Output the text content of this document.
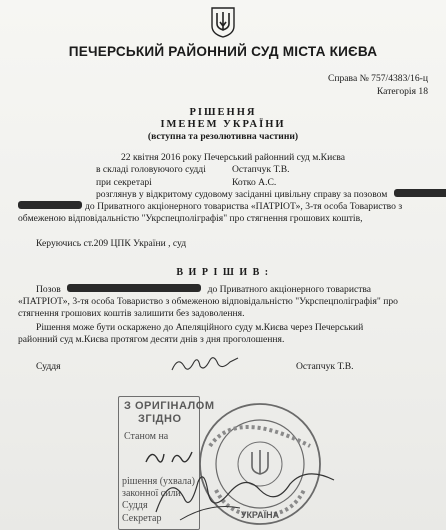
ПЕЧЕРСЬКИЙ РАЙОННИЙ СУД МІСТА КИЄВА
Справа № 757/4383/16-ц
Категорія 18
РІШЕННЯ
ІМЕНЕМ УКРАЇНИ
(вступна та резолютивна частини)
22 квітня 2016 року Печерський районний суд м.Києва
в складі головуючого судді	Остапчук Т.В.
при секретарі	Котко А.С.
розглянув у відкритому судовому засіданні цивільну справу за позовом
до Приватного акціонерного товариства «ПАТРІОТ», 3-тя особа Товариство з
обмеженою відповідальністю "Укрспецполіграфія" про стягнення грошових коштів,
Керуючись ст.209 ЦПК України , суд
В И Р І Ш И В :
Позов	до Приватного акціонерного товариства
«ПАТРІОТ», 3-тя особа Товариство з обмеженою відповідальністю "Укрспецполіграфія" про
стягнення грошових коштів залишити без задоволення.
Рішення може бути оскаржено до Апеляційного суду м.Києва через Печерський
районний суд м.Києва протягом десяти днів з дня проголошення.
Суддя	Остапчук Т.В.
З ОРИГІНАЛОМ
ЗГІДНО
Станом на
рішення (ухвала)
законної сили
Суддя
Секретар	УКРАЇНА
